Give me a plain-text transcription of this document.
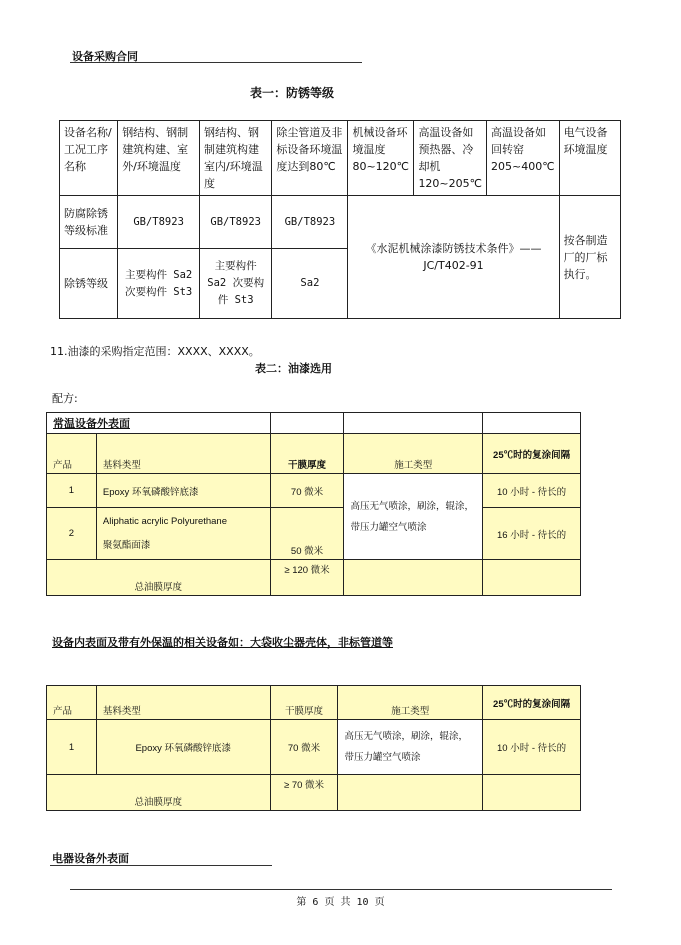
设备采购合同
表一：防锈等级
设备名称/工况工序名称	钢结构、钢制建筑构建、室外/环境温度	钢结构、钢制建筑构建室内/环境温度	除尘管道及非标设备环境温度达到80℃	机械设备环境温度80~120℃	高温设备如预热器、冷却机120~205℃	高温设备如回转窑205~400℃	电气设备环境温度
防腐除锈等级标准	GB/T8923	GB/T8923	GB/T8923	《水泥机械涂漆防锈技术条件》——JC/T402-91			按各制造厂的厂标执行。
除锈等级	主要构件 Sa2 次要构件 St3	主要构件 Sa2 次要构件 St3	Sa2				
11.油漆的采购指定范围：XXXX、XXXX。
表二：油漆选用
配方:
常温设备外表面				
产品	基料类型	干膜厚度	施工类型	25℃时的复涂间隔
1	Epoxy 环氧磷酸锌底漆	70 微米	高压无气喷涂，刷涂，辊涂，带压力罐空气喷涂	10 小时 - 待长的
2	Aliphatic acrylic Polyurethane
聚氨酯面漆	50 微米		16 小时 - 待长的
总油膜厚度		≥ 120 微米		
设备内表面及带有外保温的相关设备如：大袋收尘器壳体，非标管道等
产品	基料类型	干膜厚度	施工类型	25℃时的复涂间隔
1	Epoxy 环氧磷酸锌底漆	70 微米	高压无气喷涂，刷涂，辊涂，带压力罐空气喷涂	10 小时 - 待长的
总油膜厚度		≥ 70 微米		
电器设备外表面
第 6 页 共 10 页
